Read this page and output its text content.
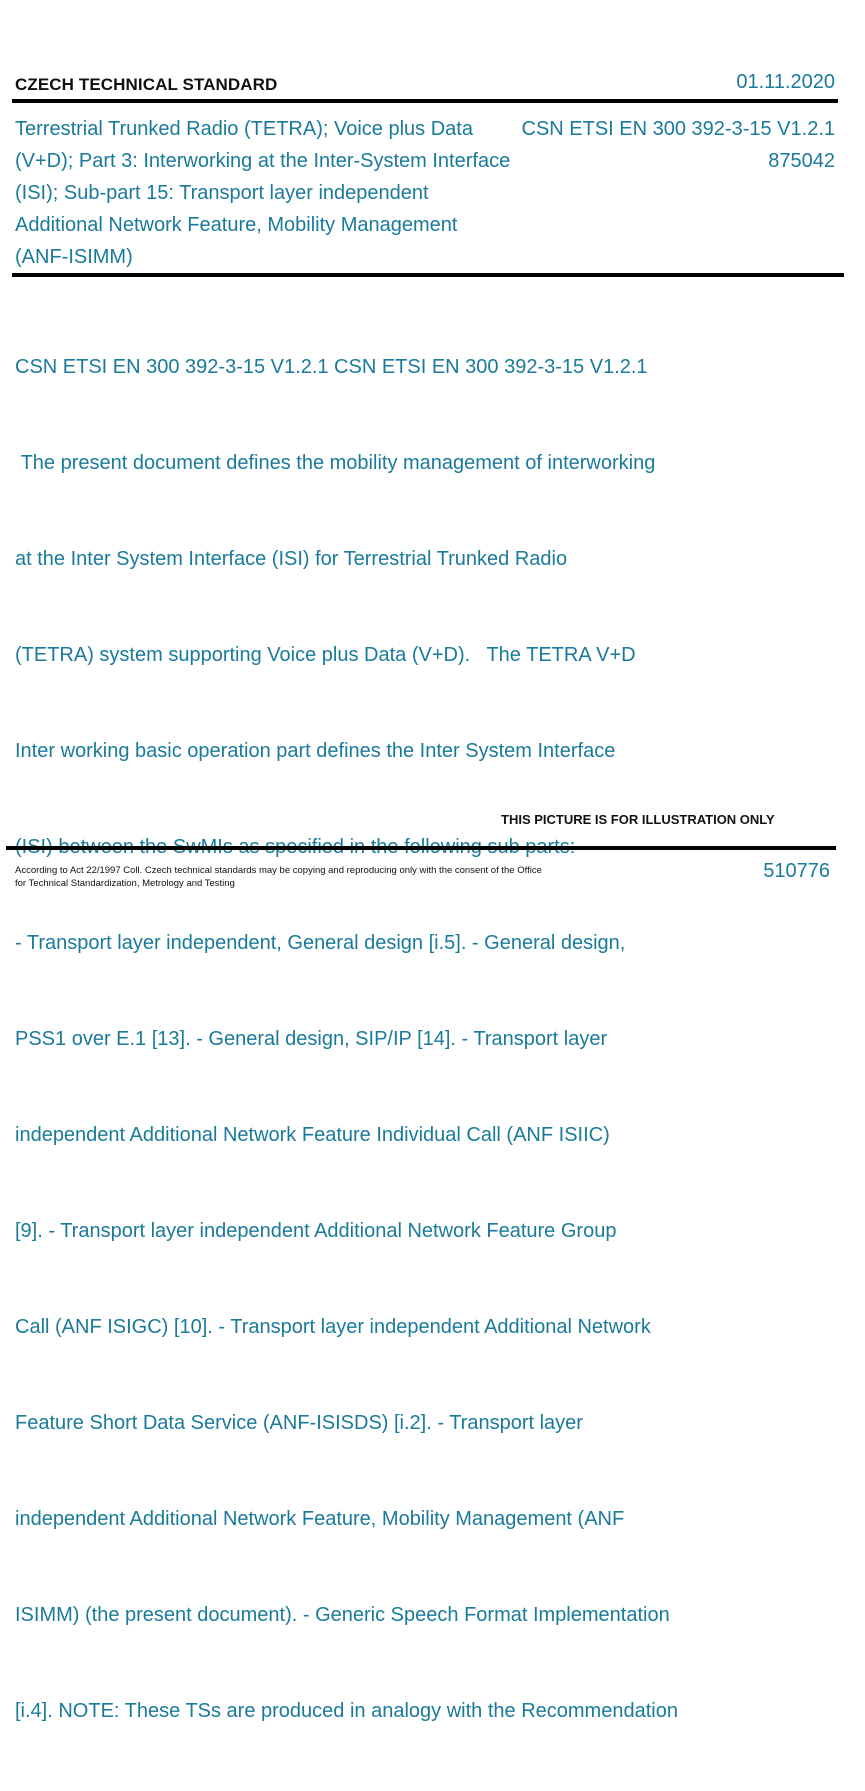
CZECH TECHNICAL STANDARD	01.11.2020
Terrestrial Trunked Radio (TETRA); Voice plus Data (V+D); Part 3: Interworking at the Inter-System Interface (ISI); Sub-part 15: Transport layer independent Additional Network Feature, Mobility Management (ANF-ISIMM)
CSN ETSI EN 300 392-3-15 V1.2.1
875042

CSN ETSI EN 300 392-3-15 V1.2.1 CSN ETSI EN 300 392-3-15 V1.2.1

The present document defines the mobility management of interworking

at the Inter System Interface (ISI) for Terrestrial Trunked Radio

(TETRA) system supporting Voice plus Data (V+D).   The TETRA V+D

Inter working basic operation part defines the Inter System Interface

- Transport layer independent, General design [i.5]. - General design,

PSS1 over E.1 [13]. - General design, SIP/IP [14]. - Transport layer

independent Additional Network Feature Individual Call (ANF ISIIC)

[9]. - Transport layer independent Additional Network Feature Group

Call (ANF ISIGC) [10]. - Transport layer independent Additional Network

Feature Short Data Service (ANF-ISISDS) [i.2]. - Transport layer

independent Additional Network Feature, Mobility Management (ANF

ISIMM) (the present document). - Generic Speech Format Implementation

[i.4]. NOTE: These TSs are produced in analogy with the Recommendation

THIS PICTURE IS FOR ILLUSTRATION ONLY
According to Act 22/1997 Coll. Czech technical standards may be copying and reproducing only with the consent of the Office
for Technical Standardization, Metrology and Testing
510776
